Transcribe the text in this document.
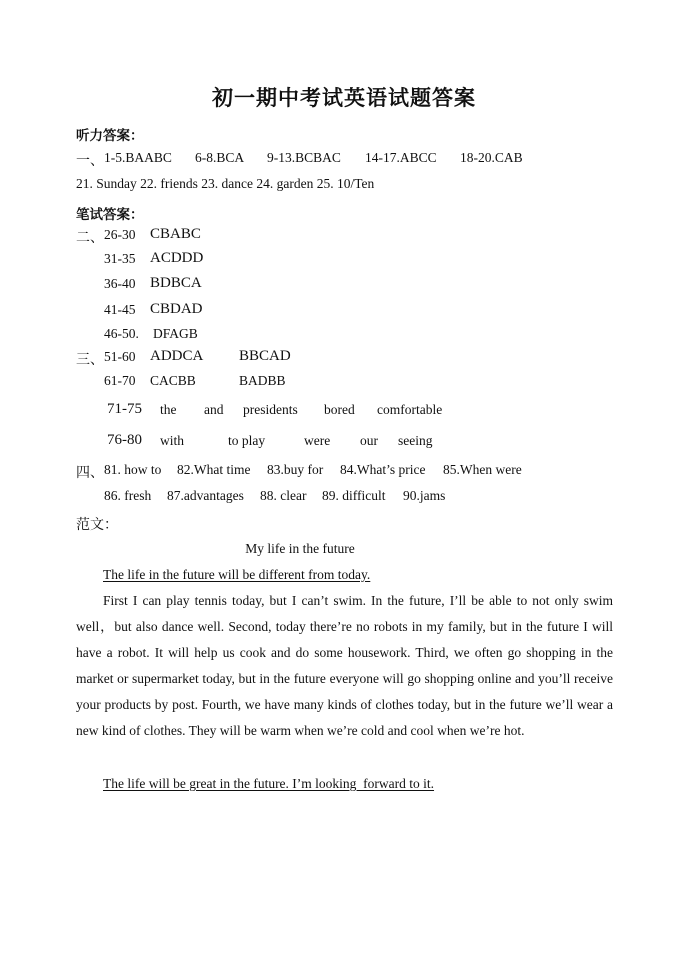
初一期中考试英语试题答案
听力答案：
一、 1-5.BAABC 6-8.BCA 9-13.BCBAC 14-17.ABCC 18-20.CAB
21. Sunday 22. friends 23. dance 24. garden 25. 10/Ten
笔试答案：
二、 26-30 CBABC
31-35 ACDDD
36-40 BDBCA
41-45 CBDAD
46-50. DFAGB
三、 51-60 ADDCA BBCAD
61-70 CACBB	BADBB
71-75 the and presidents bored comfortable
76-80 with	to play	were our seeing
四、 81. how to 82.What time 83.buy for 84.What’s price 85.When were
86. fresh 87.advantages 88. clear 89. difficult 90.jams
范文：
My life in the future
The life in the future will be different from today.

First I can play tennis today, but I can’t swim. In the future, I’ll be able to not only swim well，but also dance well. Second, today there’re no robots in my family, but in the future I will have a robot. It will help us cook and do some housework. Third, we often go shopping in the market or supermarket today, but in the future everyone will go shopping online and you’ll receive your products by post. Fourth, we have many kinds of clothes today, but in the future we’ll wear a new kind of clothes. They will be warm when we’re cold and cool when we’re hot.

The life will be great in the future. I’m looking  forward to it.
